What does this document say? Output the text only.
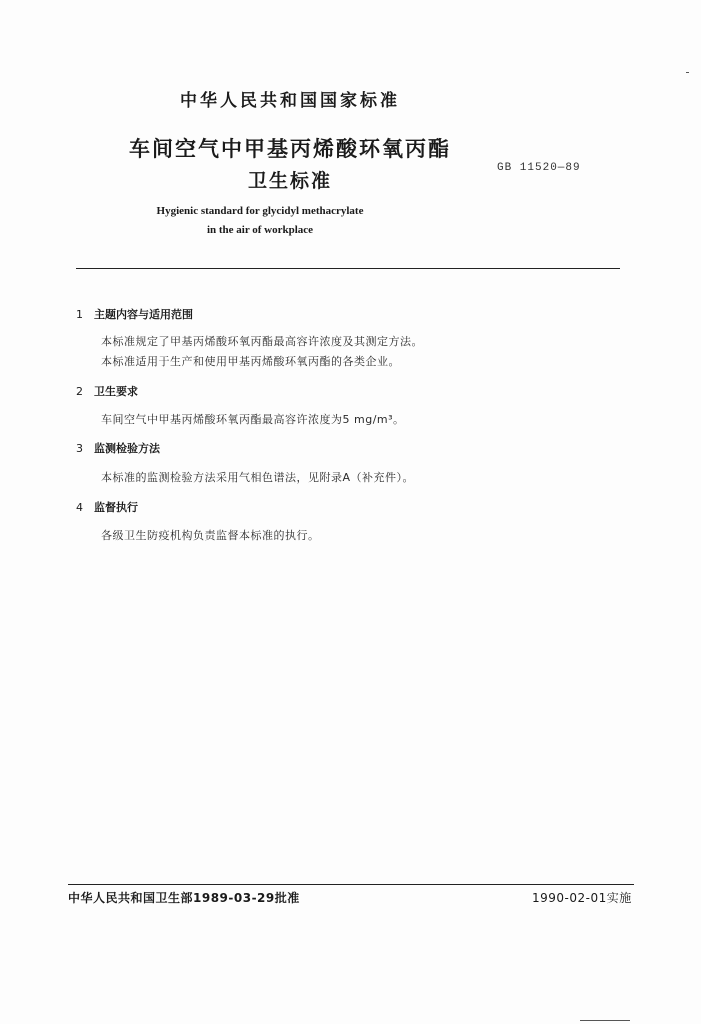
中华人民共和国国家标准
车间空气中甲基丙烯酸环氧丙酯
卫生标准
GB 11520—89
Hygienic standard for glycidyl methacrylate
in the air of workplace
1 主题内容与适用范围
本标准规定了甲基丙烯酸环氧丙酯最高容许浓度及其测定方法。
本标准适用于生产和使用甲基丙烯酸环氧丙酯的各类企业。
2 卫生要求
车间空气中甲基丙烯酸环氧丙酯最高容许浓度为5 mg/m³。
3 监测检验方法
本标准的监测检验方法采用气相色谱法，见附录A（补充件）。
4 监督执行
各级卫生防疫机构负责监督本标准的执行。
中华人民共和国卫生部1989-03-29批准	1990-02-01实施
